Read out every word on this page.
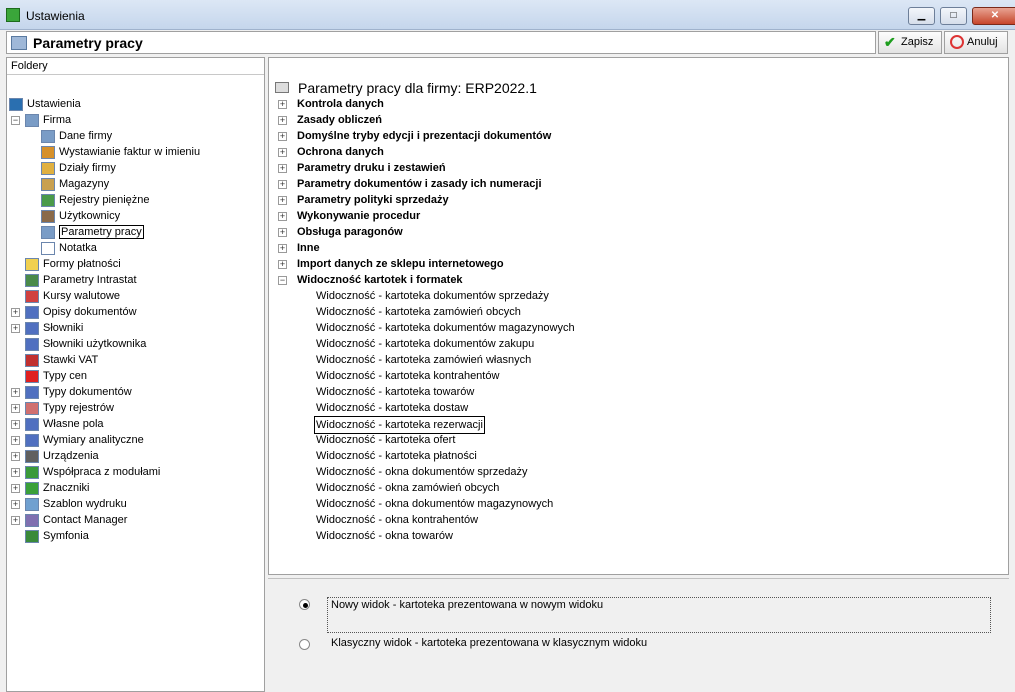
Ustawienia	▁	□	✕
Parametry pracy	✔ Zapisz	Anuluj
Foldery
Ustawienia
−	Firma
Dane firmy
Wystawianie faktur w imieniu
Działy firmy
Magazyny
Rejestry pieniężne
Użytkownicy
Parametry pracy
Notatka
Formy płatności
Parametry Intrastat
Kursy walutowe
+	Opisy dokumentów
+	Słowniki
Słowniki użytkownika
Stawki VAT
Typy cen
+	Typy dokumentów
+	Typy rejestrów
+	Własne pola
+	Wymiary analityczne
+	Urządzenia
+	Współpraca z modułami
+	Znaczniki
+	Szablon wydruku
+	Contact Manager
Symfonia
Parametry pracy dla firmy: ERP2022.1
+ Kontrola danych
+ Zasady obliczeń
+ Domyślne tryby edycji i prezentacji dokumentów
+ Ochrona danych
+ Parametry druku i zestawień
+ Parametry dokumentów i zasady ich numeracji
+ Parametry polityki sprzedaży
+ Wykonywanie procedur
+ Obsługa paragonów
+ Inne
+ Import danych ze sklepu internetowego
− Widoczność kartotek i formatek
Widoczność - kartoteka dokumentów sprzedaży
Widoczność - kartoteka zamówień obcych
Widoczność - kartoteka dokumentów magazynowych
Widoczność - kartoteka dokumentów zakupu
Widoczność - kartoteka zamówień własnych
Widoczność - kartoteka kontrahentów
Widoczność - kartoteka towarów
Widoczność - kartoteka dostaw
Widoczność - kartoteka rezerwacji
Widoczność - kartoteka ofert
Widoczność - kartoteka płatności
Widoczność - okna dokumentów sprzedaży
Widoczność - okna zamówień obcych
Widoczność - okna dokumentów magazynowych
Widoczność - okna kontrahentów
Widoczność - okna towarów
Nowy widok - kartoteka prezentowana w nowym widoku
Klasyczny widok - kartoteka prezentowana w klasycznym widoku
